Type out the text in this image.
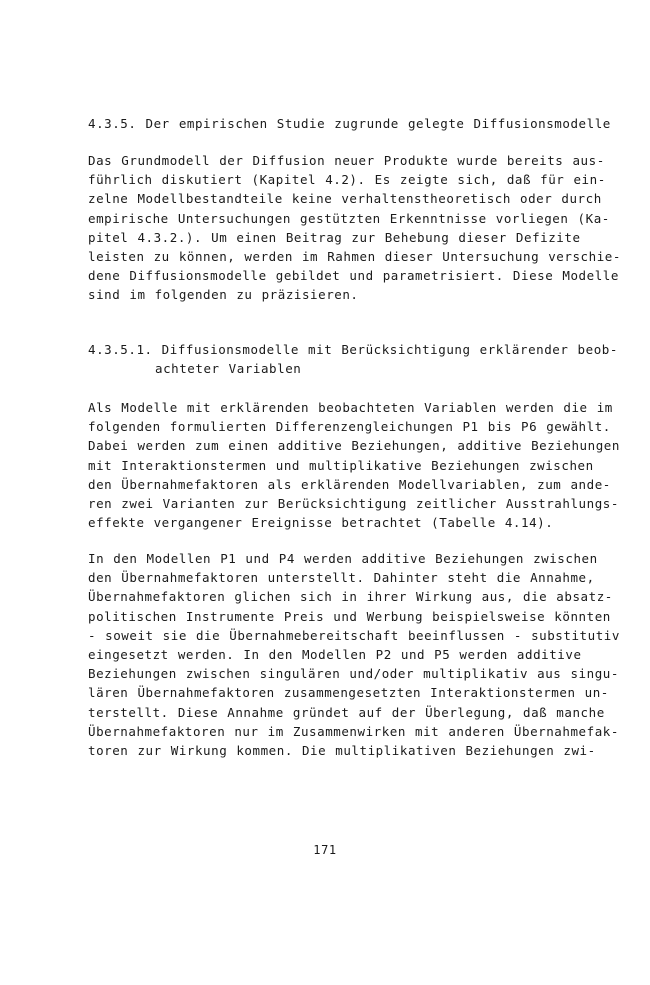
4.3.5. Der empirischen Studie zugrunde gelegte Diffusionsmodelle
Das Grundmodell der Diffusion neuer Produkte wurde bereits aus-
führlich diskutiert (Kapitel 4.2). Es zeigte sich, daß für ein-
zelne Modellbestandteile keine verhaltenstheoretisch oder durch
empirische Untersuchungen gestützten Erkenntnisse vorliegen (Ka-
pitel 4.3.2.). Um einen Beitrag zur Behebung dieser Defizite
leisten zu können, werden im Rahmen dieser Untersuchung verschie-
dene Diffusionsmodelle gebildet und parametrisiert. Diese Modelle
sind im folgenden zu präzisieren.
4.3.5.1. Diffusionsmodelle mit Berücksichtigung erklärender beob-
achteter Variablen
Als Modelle mit erklärenden beobachteten Variablen werden die im
folgenden formulierten Differenzengleichungen P1 bis P6 gewählt.
Dabei werden zum einen additive Beziehungen, additive Beziehungen
mit Interaktionstermen und multiplikative Beziehungen zwischen
den Übernahmefaktoren als erklärenden Modellvariablen, zum ande-
ren zwei Varianten zur Berücksichtigung zeitlicher Ausstrahlungs-
effekte vergangener Ereignisse betrachtet (Tabelle 4.14).
In den Modellen P1 und P4 werden additive Beziehungen zwischen
den Übernahmefaktoren unterstellt. Dahinter steht die Annahme,
Übernahmefaktoren glichen sich in ihrer Wirkung aus, die absatz-
politischen Instrumente Preis und Werbung beispielsweise könnten
- soweit sie die Übernahmebereitschaft beeinflussen - substitutiv
eingesetzt werden. In den Modellen P2 und P5 werden additive
Beziehungen zwischen singulären und/oder multiplikativ aus singu-
lären Übernahmefaktoren zusammengesetzten Interaktionstermen un-
terstellt. Diese Annahme gründet auf der Überlegung, daß manche
Übernahmefaktoren nur im Zusammenwirken mit anderen Übernahmefak-
toren zur Wirkung kommen. Die multiplikativen Beziehungen zwi-
171
